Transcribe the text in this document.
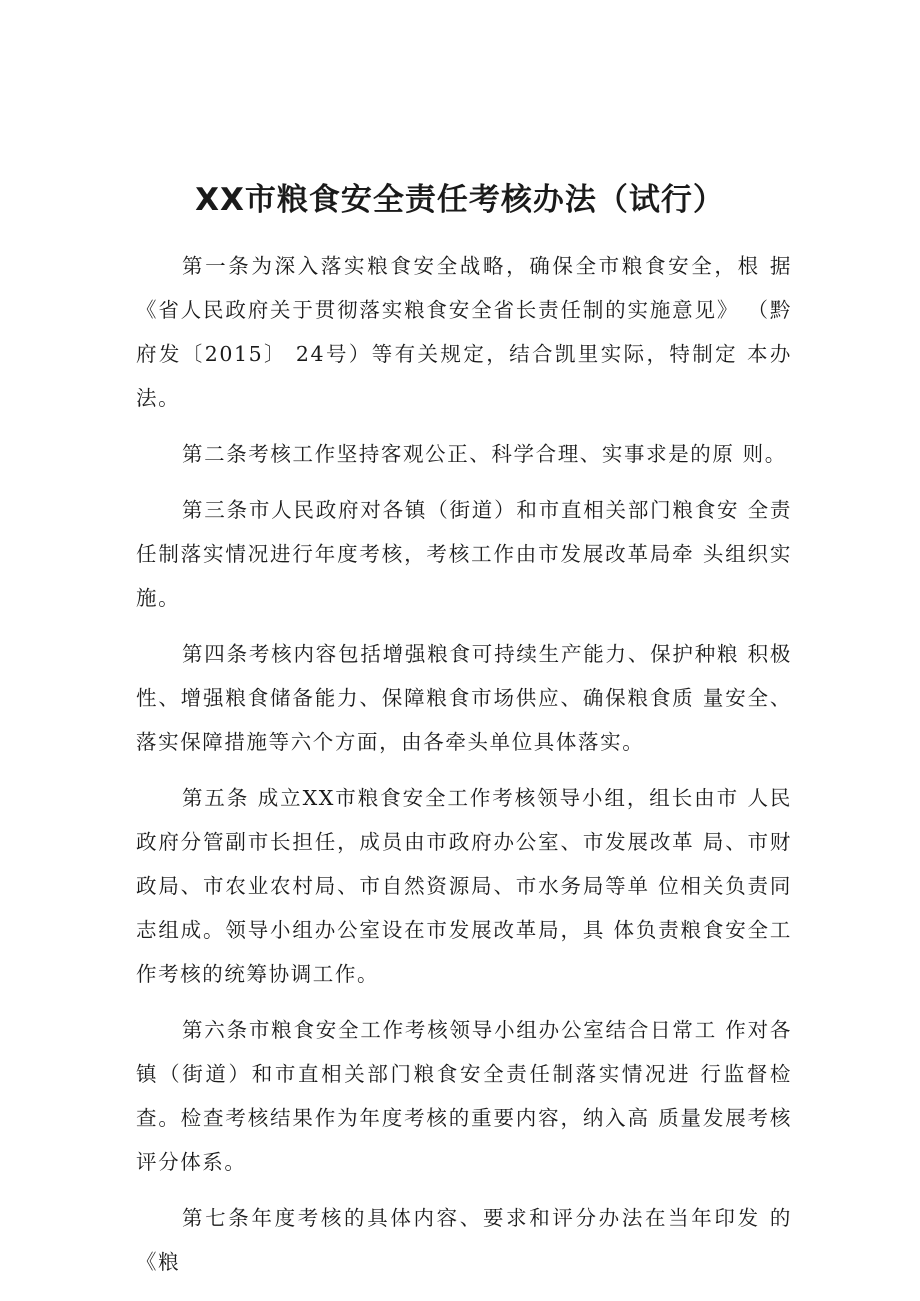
XX市粮食安全责任考核办法（试行）

第一条为深入落实粮食安全战略，确保全市粮食安全，根 据《省人民政府关于贯彻落实粮食安全省长责任制的实施意见》 （黔府发〔2015〕 24号）等有关规定，结合凯里实际，特制定 本办法。

第二条考核工作坚持客观公正、科学合理、实事求是的原 则。

第三条市人民政府对各镇（街道）和市直相关部门粮食安 全责任制落实情况进行年度考核，考核工作由市发展改革局牵 头组织实施。

第四条考核内容包括增强粮食可持续生产能力、保护种粮 积极性、增强粮食储备能力、保障粮食市场供应、确保粮食质 量安全、落实保障措施等六个方面，由各牵头单位具体落实。

第五条 成立XX市粮食安全工作考核领导小组，组长由市 人民政府分管副市长担任，成员由市政府办公室、市发展改革 局、市财政局、市农业农村局、市自然资源局、市水务局等单 位相关负责同志组成。领导小组办公室设在市发展改革局，具 体负责粮食安全工作考核的统筹协调工作。

第六条市粮食安全工作考核领导小组办公室结合日常工 作对各镇（街道）和市直相关部门粮食安全责任制落实情况进 行监督检查。检查考核结果作为年度考核的重要内容，纳入高 质量发展考核评分体系。

第七条年度考核的具体内容、要求和评分办法在当年印发 的《粮
